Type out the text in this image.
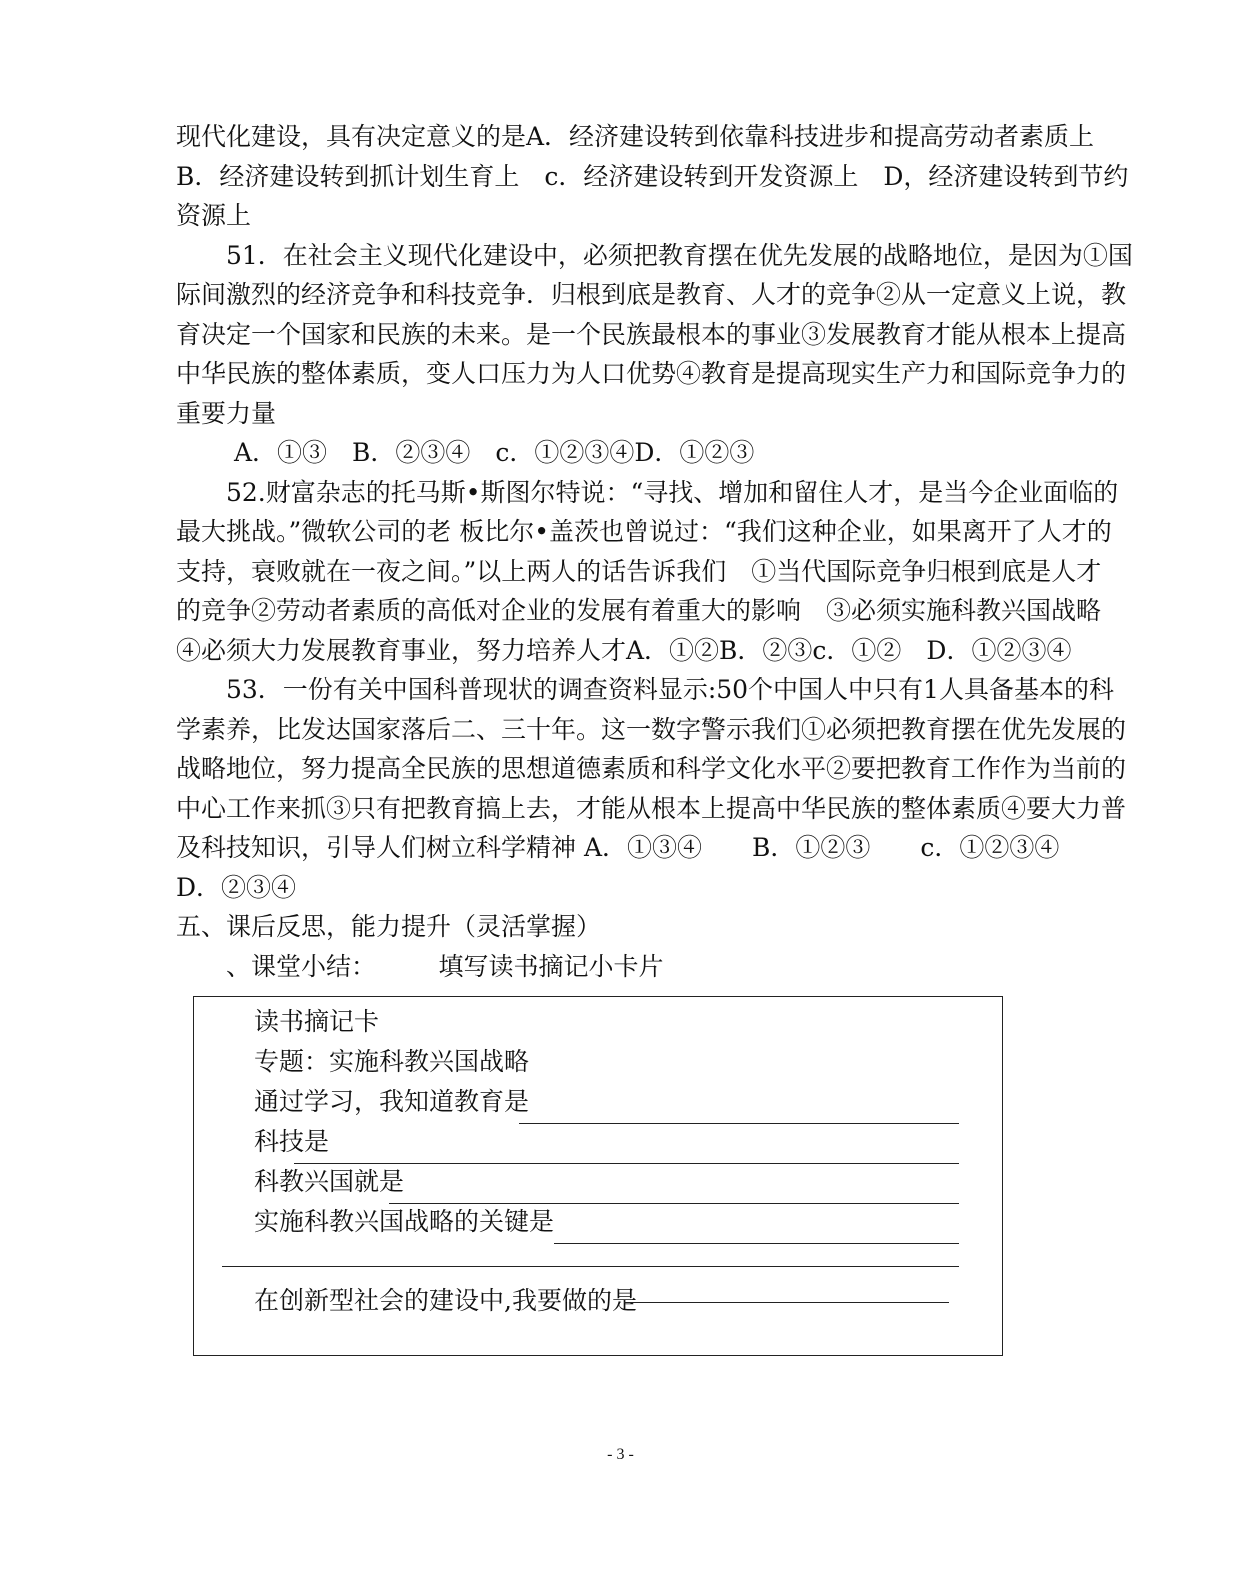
现代化建设，具有决定意义的是A．经济建设转到依靠科技进步和提高劳动者素质上
B．经济建设转到抓计划生育上　c．经济建设转到开发资源上　D，经济建设转到节约
资源上
　　51．在社会主义现代化建设中，必须把教育摆在优先发展的战略地位，是因为①国
际间激烈的经济竞争和科技竞争．归根到底是教育、人才的竞争②从一定意义上说，教
育决定一个国家和民族的未来。是一个民族最根本的事业③发展教育才能从根本上提高
中华民族的整体素质，变人口压力为人口优势④教育是提高现实生产力和国际竞争力的
重要力量
　　 A．①③　B．②③④　c．①②③④D．①②③
　　52.财富杂志的托马斯•斯图尔特说：“寻找、增加和留住人才，是当今企业面临的
最大挑战。”微软公司的老 板比尔•盖茨也曾说过：“我们这种企业，如果离开了人才的
支持，衰败就在一夜之间。”以上两人的话告诉我们　①当代国际竞争归根到底是人才
的竞争②劳动者素质的高低对企业的发展有着重大的影响　③必须实施科教兴国战略
④必须大力发展教育事业，努力培养人才A．①②B．②③c．①②　D．①②③④
　　53．一份有关中国科普现状的调查资料显示:50个中国人中只有1人具备基本的科
学素养，比发达国家落后二、三十年。这一数字警示我们①必须把教育摆在优先发展的
战略地位，努力提高全民族的思想道德素质和科学文化水平②要把教育工作作为当前的
中心工作来抓③只有把教育搞上去，才能从根本上提高中华民族的整体素质④要大力普
及科技知识，引导人们树立科学精神 A．①③④　　B．①②③　　c．①②③④
D．②③④
五、课后反思，能力提升（灵活掌握）
　　、课堂小结：　　　填写读书摘记小卡片
读书摘记卡
专题：实施科教兴国战略
通过学习，我知道教育是
科技是
科教兴国就是
实施科教兴国战略的关键是
在创新型社会的建设中,我要做的是
- 3 -
